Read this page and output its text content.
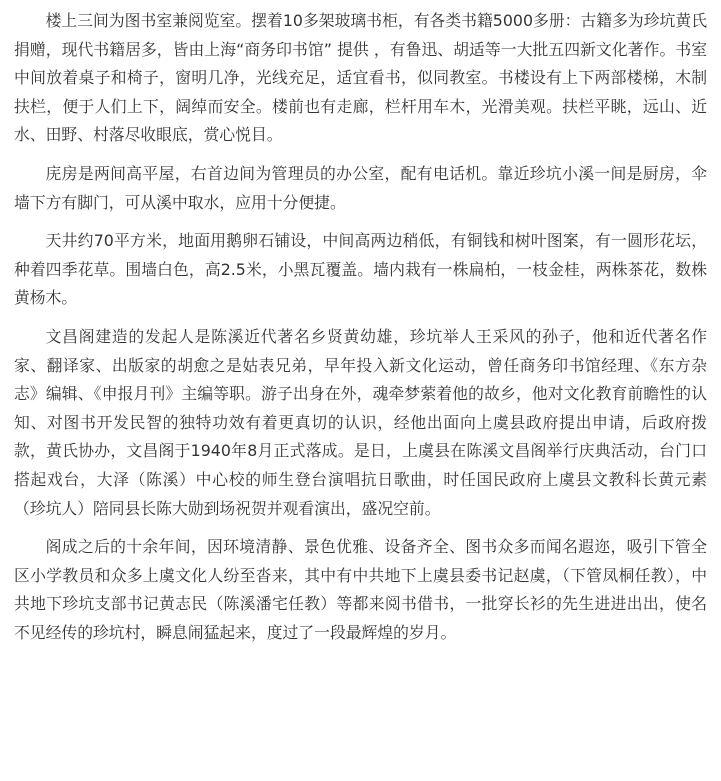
楼上三间为图书室兼阅览室。摆着10多架玻璃书柜，有各类书籍5000多册：古籍多为珍坑黄氏捐赠，现代书籍居多，皆由上海“商务印书馆” 提供 ，有鲁迅、胡适等一大批五四新文化著作。书室中间放着桌子和椅子，窗明几净，光线充足，适宜看书，似同教室。书楼设有上下两部楼梯，木制扶栏，便于人们上下，阔绰而安全。楼前也有走廊，栏杆用车木，光滑美观。扶栏平眺，远山、近水、田野、村落尽收眼底，赏心悦目。

庑房是两间高平屋，右首边间为管理员的办公室，配有电话机。靠近珍坑小溪一间是厨房，伞墙下方有脚门，可从溪中取水，应用十分便捷。

天井约70平方米，地面用鹅卵石铺设，中间高两边稍低，有铜钱和树叶图案，有一圆形花坛，种着四季花草。围墙白色，高2.5米，小黑瓦覆盖。墙内栽有一株扁柏，一枝金桂，两株茶花，数株黄杨木。

文昌阁建造的发起人是陈溪近代著名乡贤黄幼雄，珍坑举人王采风的孙子，他和近代著名作家、翻译家、出版家的胡愈之是姑表兄弟，早年投入新文化运动，曾任商务印书馆经理、《东方杂志》编辑、《申报月刊》主编等职。游子出身在外，魂牵梦萦着他的故乡，他对文化教育前瞻性的认知、对图书开发民智的独特功效有着更真切的认识，经他出面向上虞县政府提出申请，后政府拨款，黄氏协办，文昌阁于1940年8月正式落成。是日，上虞县在陈溪文昌阁举行庆典活动，台门口搭起戏台，大泽（陈溪）中心校的师生登台演唱抗日歌曲，时任国民政府上虞县文教科长黄元素（珍坑人）陪同县长陈大勋到场祝贺并观看演出，盛况空前。

阁成之后的十余年间，因环境清静、景色优雅、设备齐全、图书众多而闻名遐迩，吸引下管全区小学教员和众多上虞文化人纷至沓来，其中有中共地下上虞县委书记赵虞，（下管凤桐任教），中共地下珍坑支部书记黄志民（陈溪潘宅任教）等都来阅书借书，一批穿长衫的先生进进出出，使名不见经传的珍坑村，瞬息闹猛起来，度过了一段最辉煌的岁月。
